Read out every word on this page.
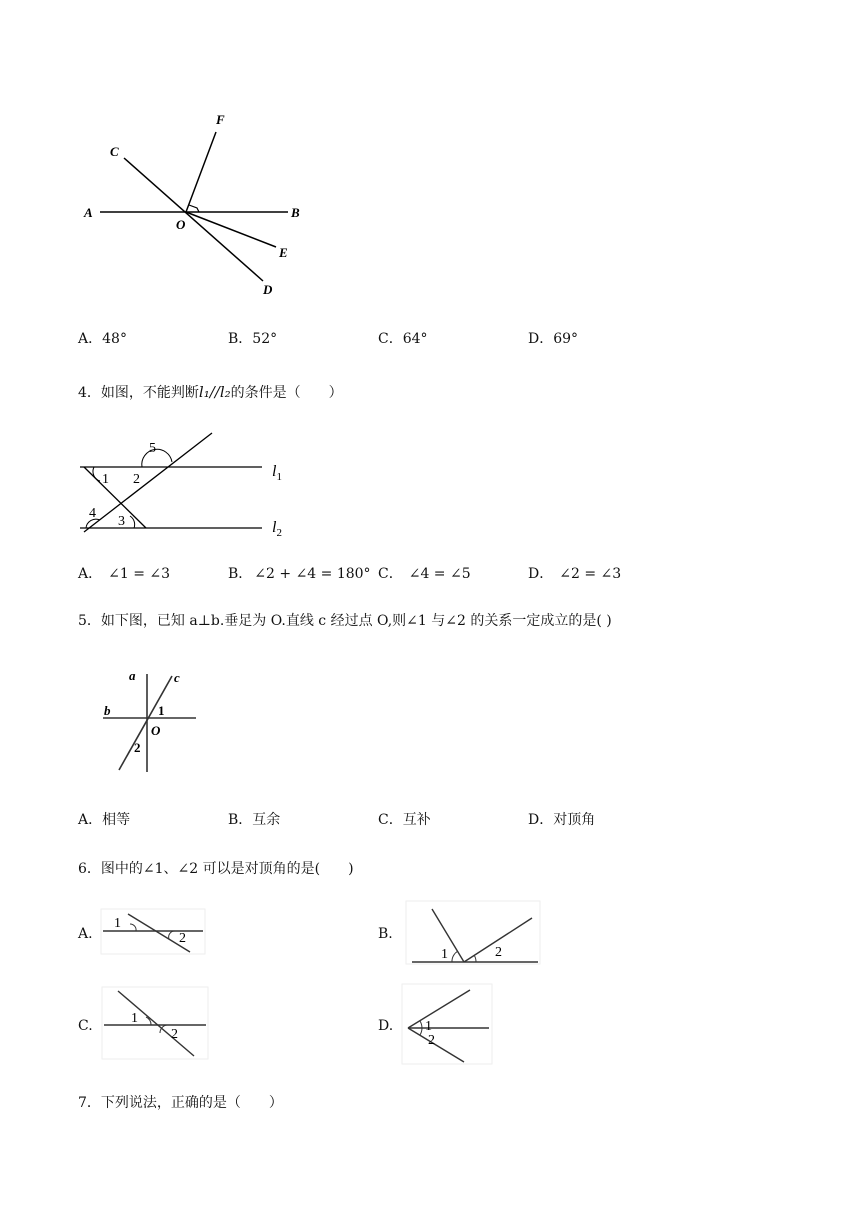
F
C
A	B
O
E
D
A．48°	B．52°	C．64°	D．69°
4．如图，不能判断l₁//l₂的条件是（　　）
5
1 2
4
3
$l_1$
$l_2$
A． ∠1 = ∠3	B． ∠2 + ∠4 = 180° C． ∠4 = ∠5	D． ∠2 = ∠3
5．如下图，已知 a⊥b.垂足为 O.直线 c 经过点 O,则∠1 与∠2 的关系一定成立的是( )
a	c
b	1
O
2
A．相等	B．互余	C．互补	D．对顶角
6．图中的∠1、∠2 可以是对顶角的是(　　)
A.
1
2	B.
1	2
C.	1
2
D. 1
2
7．下列说法，正确的是（　　）
